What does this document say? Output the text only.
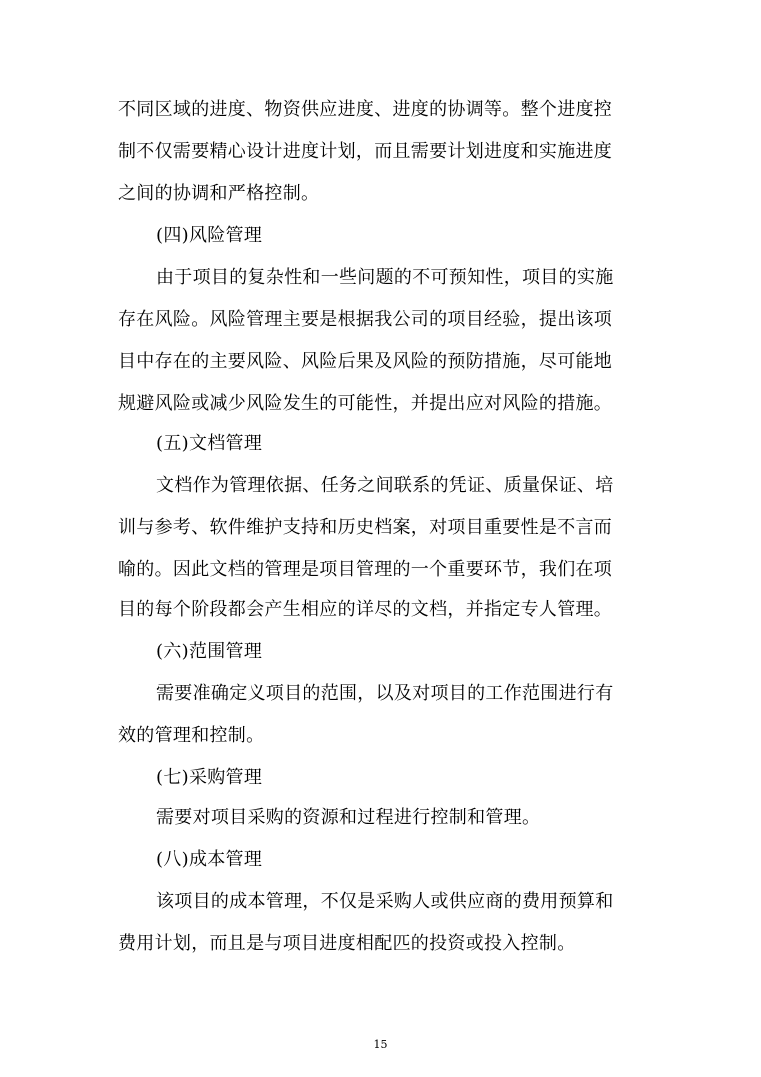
不同区域的进度、物资供应进度、进度的协调等。整个进度控
制不仅需要精心设计进度计划，而且需要计划进度和实施进度
之间的协调和严格控制。
(四)风险管理
由于项目的复杂性和一些问题的不可预知性，项目的实施
存在风险。风险管理主要是根据我公司的项目经验，提出该项
目中存在的主要风险、风险后果及风险的预防措施，尽可能地
规避风险或减少风险发生的可能性，并提出应对风险的措施。
(五)文档管理
文档作为管理依据、任务之间联系的凭证、质量保证、培
训与参考、软件维护支持和历史档案，对项目重要性是不言而
喻的。因此文档的管理是项目管理的一个重要环节，我们在项
目的每个阶段都会产生相应的详尽的文档，并指定专人管理。
(六)范围管理
需要准确定义项目的范围，以及对项目的工作范围进行有
效的管理和控制。
(七)采购管理
需要对项目采购的资源和过程进行控制和管理。
(八)成本管理
该项目的成本管理，不仅是采购人或供应商的费用预算和
费用计划，而且是与项目进度相配匹的投资或投入控制。
15
